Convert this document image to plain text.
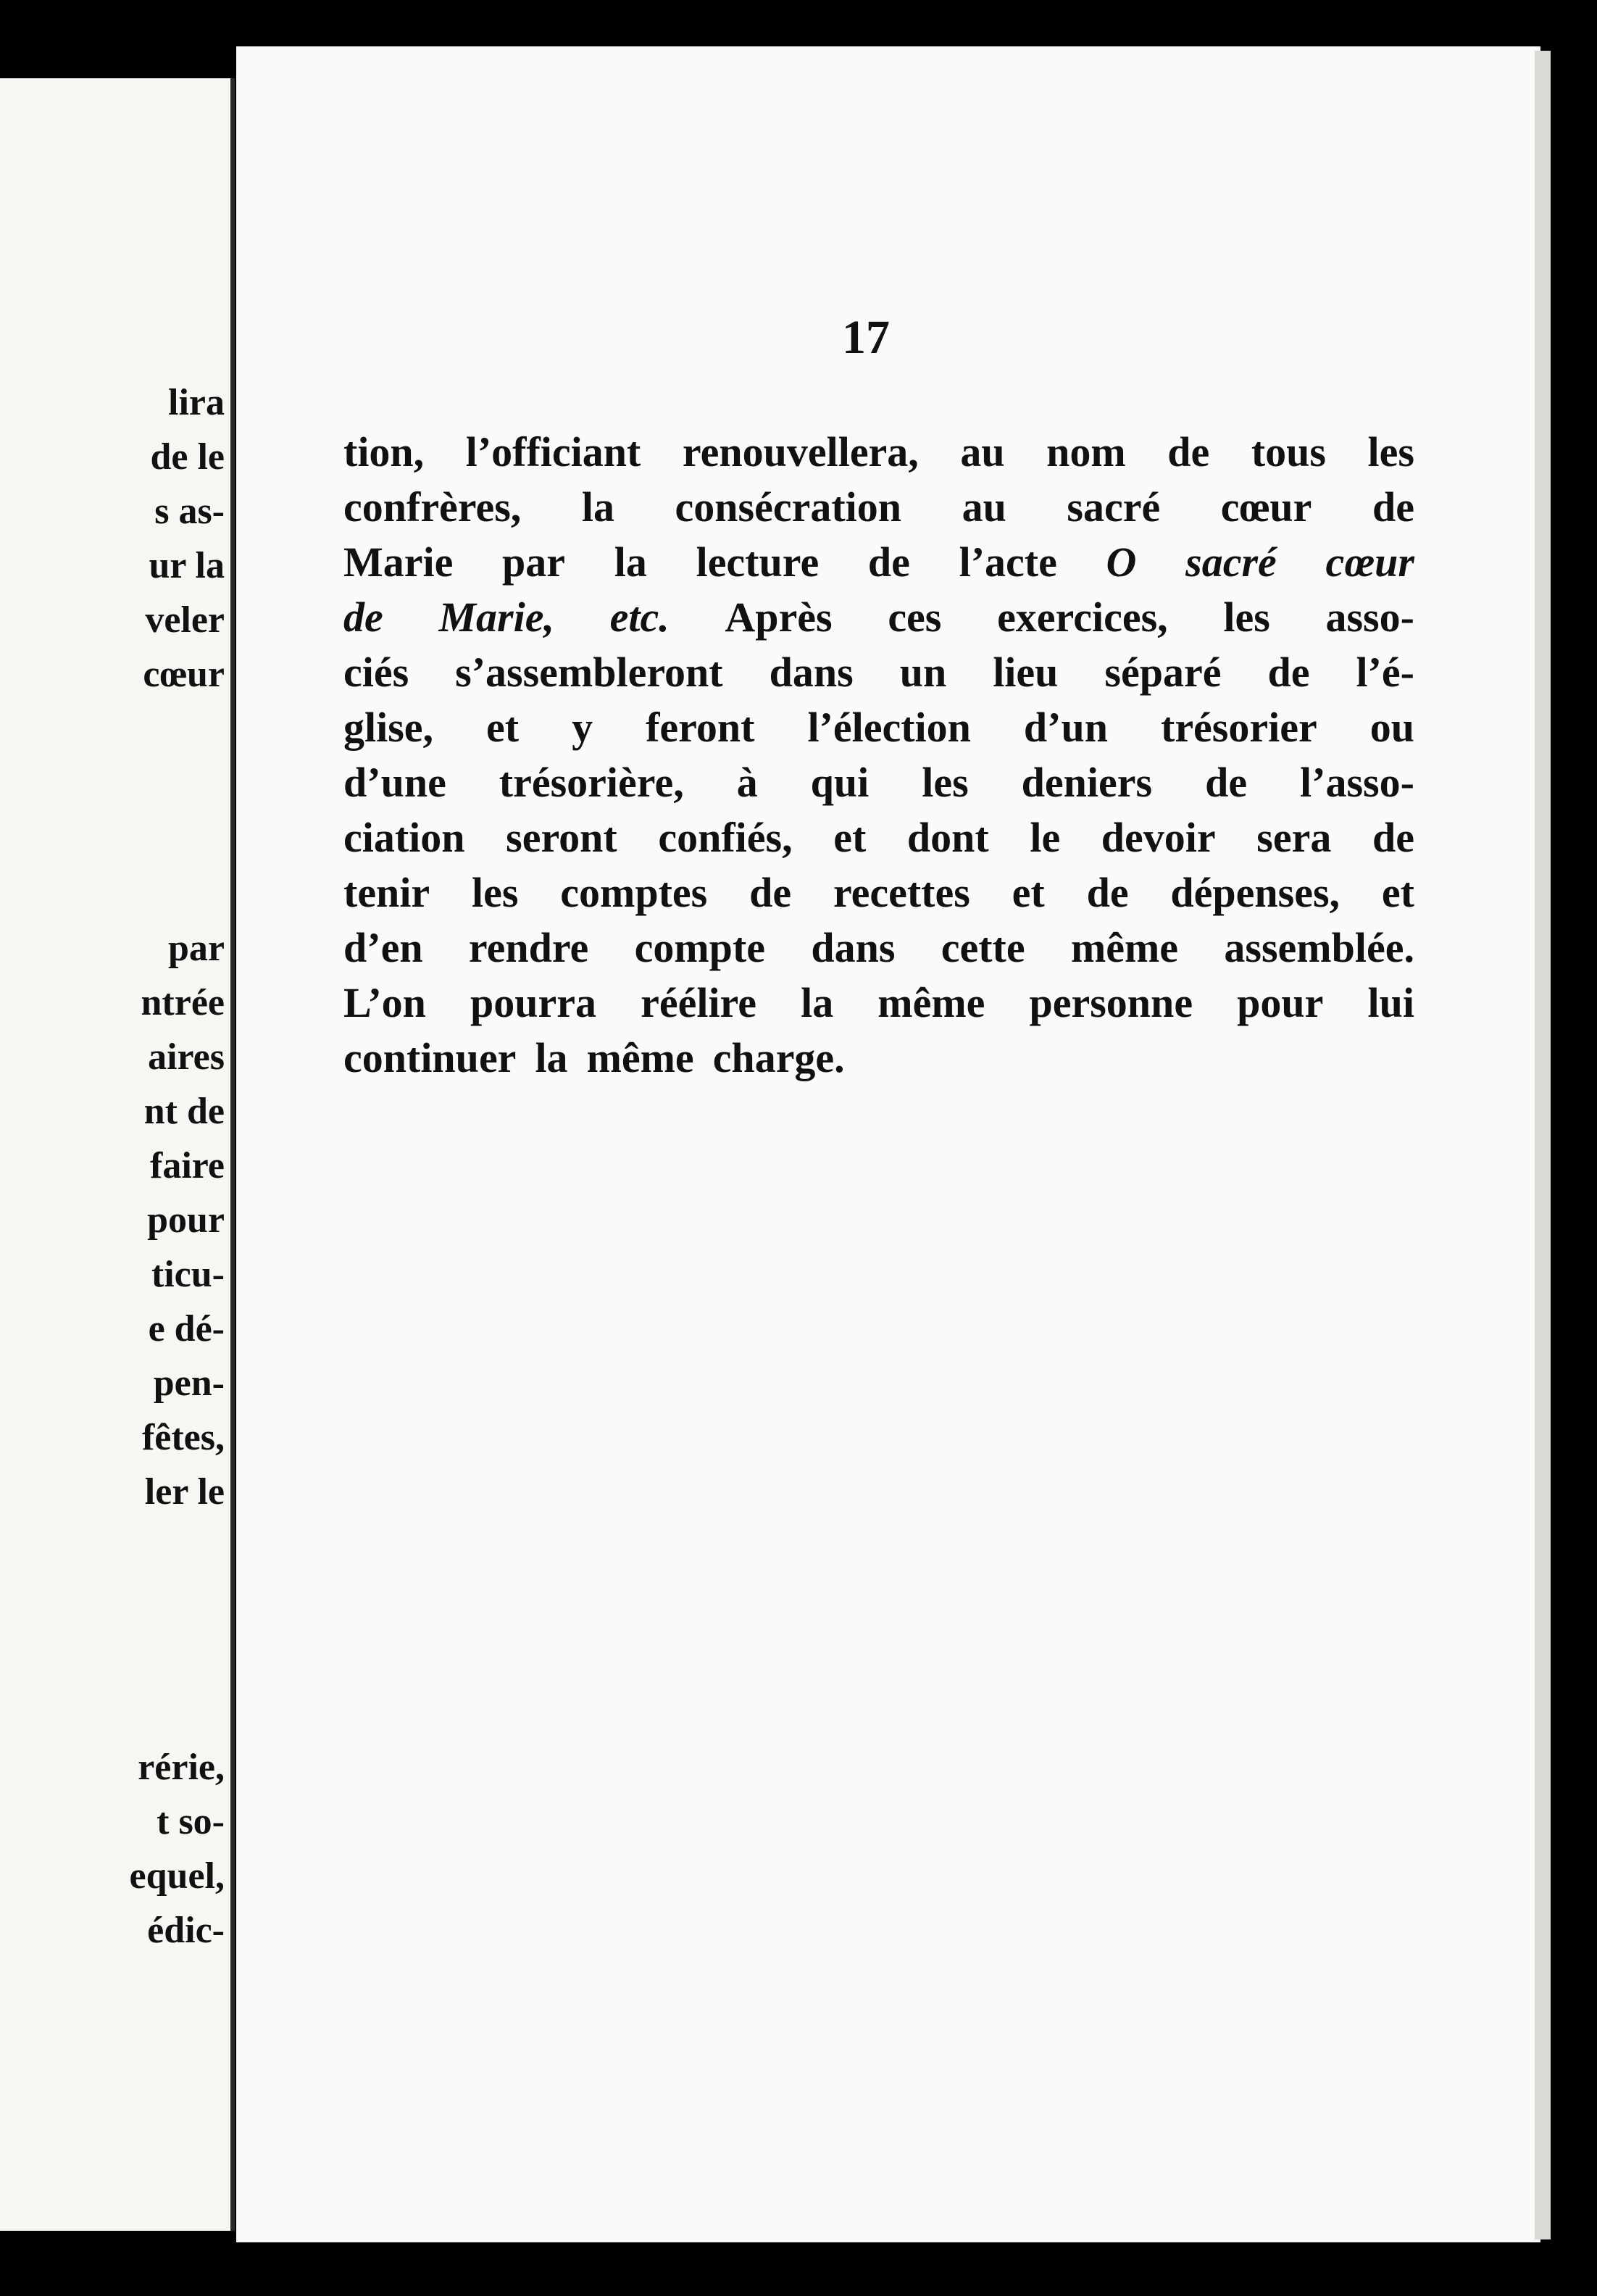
lira
de le
s as-
ur la
veler
cœur
par
ntrée
aires
nt de
faire
pour
ticu-
e dé-
pen-
fêtes,
ler le
rérie,
t so-
equel,
édic-
17
tion, l’officiant renouvellera, au nom de tous les
confrères, la consécration au sacré cœur de
Marie par la lecture de l’acte O sacré cœur
de Marie, etc. Après ces exercices, les asso-
ciés s’assembleront dans un lieu séparé de l’é-
glise, et y feront l’élection d’un trésorier ou
d’une trésorière, à qui les deniers de l’asso-
ciation seront confiés, et dont le devoir sera de
tenir les comptes de recettes et de dépenses, et
d’en rendre compte dans cette même assemblée.
L’on pourra réélire la même personne pour lui
continuer la même charge.
